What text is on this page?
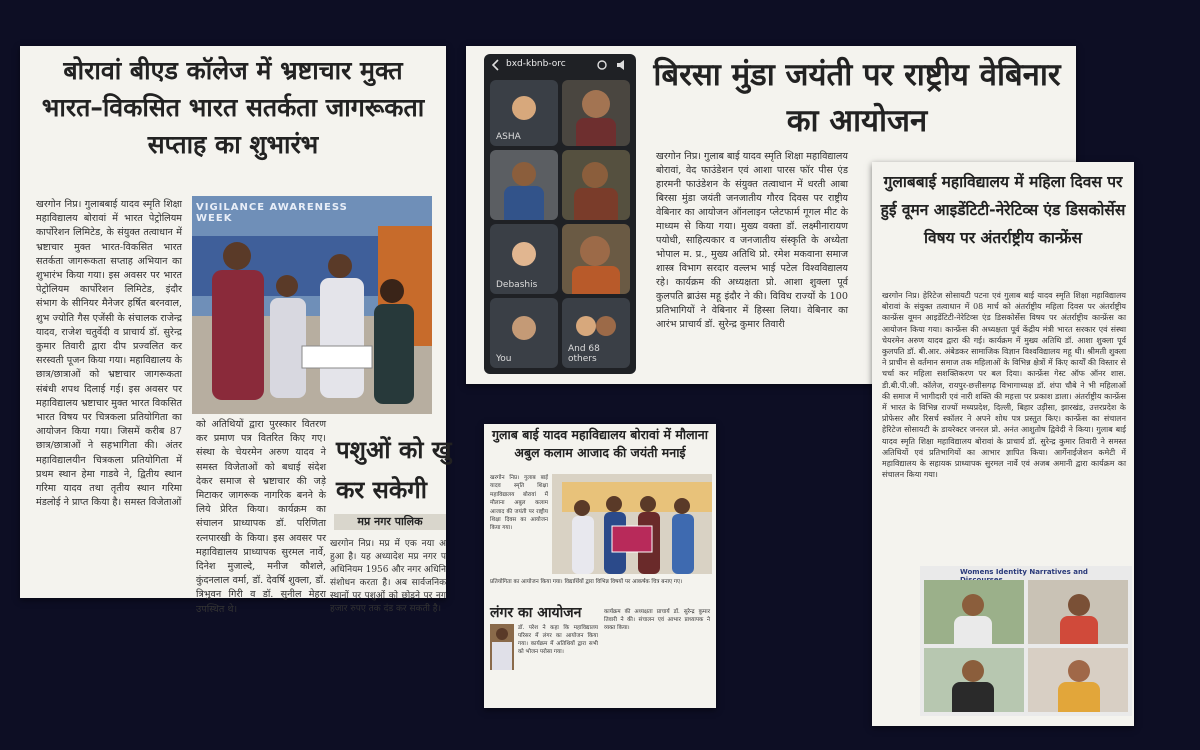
बोरावां बीएड कॉलेज में भ्रष्टाचार मुक्त भारत–विकसित भारत सतर्कता जागरूकता सप्ताह का शुभारंभ
खरगोन निप्र। गुलाबबाई यादव स्मृति शिक्षा महाविद्यालय बोरावां में भारत पेट्रोलियम कार्पोरेशन लिमिटेड, के संयुक्त तत्वाधान में भ्रष्टाचार मुक्त भारत-विकसित भारत सतर्कता जागरूकता सप्ताह अभियान का शुभारंभ किया गया। इस अवसर पर भारत पेट्रोलियम कार्पोरेशन लिमिटेड, इंदौर संभाग के सीनियर मैनेजर हर्षित बरनवाल, शुभ ज्योति गैस एजेंसी के संचालक राजेन्द्र यादव, राजेश चतुर्वेदी व प्राचार्य डॉ. सुरेन्द्र कुमार तिवारी द्वारा दीप प्रज्वलित कर सरस्वती पूजन किया गया। महाविद्यालय के छात्र/छात्राओं को भ्रष्टाचार जागरूकता संबंधी शपथ दिलाई गई। इस अवसर पर महाविद्यालय भ्रष्टाचार मुक्त भारत विकसित भारत विषय पर चित्रकला प्रतियोगिता का आयोजन किया गया। जिसमें करीब 87 छात्र/छात्राओं ने सहभागिता की। अंतर महाविद्यालयीन चित्रकला प्रतियोगिता में प्रथम स्थान हेमा गाडवे ने, द्वितीय स्थान गरिमा यादव तथा तृतीय स्थान गरिमा मंडलोई ने प्राप्त किया है। समस्त विजेताओं
VIGILANCE AWARENESS WEEK
को अतिथियों द्वारा पुरस्कार वितरण कर प्रमाण पत्र वितरित किए गए। संस्था के चेयरमेन अरुण यादव ने समस्त विजेताओं को बधाई संदेश देकर समाज से भ्रष्टाचार की जड़े मिटाकर जागरूक नागरिक बनने के लिये प्रेरित किया। कार्यक्रम का संचालन प्राध्यापक डॉ. परिणिता रत्नपारखी के किया। इस अवसर पर महाविद्यालय प्राध्यापक सुरमल नार्वे, दिनेश मुजाल्दे, मनीज कौशले, कुंदनलाल वर्मा, डॉ. देवर्षि शुक्ला, डॉ. त्रिभुवन गिरी व डॉ. सुनील मेहरा उपस्थित थे।
पशुओं को खु कर सकेगी
मप्र नगर पालिक
खरगोन निप्र। मप्र में एक नया अ हुआ है। यह अध्यादेश मप्र नगर प अधिनियम 1956 और नगर अधिनि संशोधन करता है। अब सार्वजनिक स्थानों पर पशुओं को छोड़ने पर नग हजार रुपए तक दंड कर सकती है।
bxd-kbnb-orc
ASHA
Debashis
You
And 68 others
बिरसा मुंडा जयंती पर राष्ट्रीय वेबिनार का आयोजन
खरगोन निप्र। गुलाब बाई यादव स्मृति शिक्षा महाविद्यालय बोरावां, वेद फाउंडेशन एवं आशा पारस फॉर पीस एंड हारमनी फाउंडेशन के संयुक्त तत्वाधान में धरती आबा बिरसा मुंडा जयंती जनजातीय गौरव दिवस पर राष्ट्रीय वेबिनार का आयोजन ऑनलाइन प्लेटफार्म गूगल मीट के माध्यम से किया गया। मुख्य वक्ता डॉ. लक्ष्मीनारायण पयोधी, साहित्यकार व जनजातीय संस्कृति के अध्येता भोपाल म. प्र., मुख्य अतिथि प्रो. रमेश मकवाना समाज शास्त्र विभाग सरदार वल्लभ भाई पटेल विश्वविद्यालय रहे। कार्यक्रम की अध्यक्षता प्रो. आशा शुक्ला पूर्व कुलपति ब्राउंस महू इंदौर ने की। विविध राज्यों के 100 प्रतिभागियों ने वेबिनार में हिस्सा लिया। वेबिनार का आरंभ प्राचार्य डॉ. सुरेन्द्र कुमार तिवारी
गुलाबबाई महाविद्यालय में महिला दिवस पर हुई वूमन आइडेंटिटी-नेरेटिव्स एंड डिसकोर्सेस विषय पर अंतर्राष्ट्रीय कान्फ्रेंस
खरगोन निप्र। हेरिटेज सोसायटी पटना एवं गुलाब बाई यादव स्मृति शिक्षा महाविद्यालय बोरावां के संयुक्त तत्वाधान में 08 मार्च को अंतर्राष्ट्रीय महिला दिवस पर अंतर्राष्ट्रीय कान्फ्रेंस वूमन आइडेंटिटी-नेरेटिव्स एंड डिसकोर्सेस विषय पर अंतर्राष्ट्रीय कान्फ्रेंस का आयोजन किया गया। कान्फ्रेंस की अध्यक्षता पूर्व केंद्रीय मंत्री भारत सरकार एवं संस्था चेयरमेन अरुण यादव द्वारा की गई। कार्यक्रम में मुख्य अतिथि डॉ. आशा शुक्ला पूर्व कुलपति डॉ. बी.आर. अंबेडकर सामाजिक विज्ञान विश्वविद्यालय महू थी। श्रीमती शुक्ला ने प्राचीन से वर्तमान समाज तक महिलाओं के विभिन्न क्षेत्रों में किए कार्यों की विस्तार से चर्चा कर महिला सशक्तिकरण पर बल दिया। कान्फ्रेंस गेस्ट ऑफ ऑनर शास. डी.बी.पी.जी. कॉलेज, रायपुर-छत्तीसगढ़ विभागाध्यक्ष डॉ. शंपा चौबे ने भी महिलाओं की समाज में भागीदारी एवं नारी शक्ति की महत्ता पर प्रकाश डाला। अंतर्राष्ट्रीय कान्फ्रेंस में भारत के विभिन्न राज्यों मध्यप्रदेश, दिल्ली, बिहार उड़ीसा, झारखंड, उत्तरप्रदेश के प्रोफेसर और रिसर्च स्कॉलर ने अपने शोध पत्र प्रस्तुत किए। कान्फ्रेंस का संचालन हेरिटेज सोसायटी के डायरेक्टर जनरल प्रो. अनंत आशुतोष द्विवेदी ने किया। गुलाब बाई यादव स्मृति शिक्षा महाविद्यालय बोरावां के प्राचार्य डॉ. सुरेन्द्र कुमार तिवारी ने समस्त अतिथियों एवं प्रतिभागियों का आभार ज्ञापित किया। आर्गेनाईजेशन कमेटी में महाविद्यालय के सहायक प्राध्यापक सुरमल नार्वे एवं अजब अमानी द्वारा कार्यक्रम का संचालन किया गया।
Womens Identity Narratives and
गुलाब बाई यादव महाविद्यालय बोरावां में मौलाना अबुल कलाम आजाद की जयंती मनाई
खरगोन निप्र। गुलाब बाई यादव स्मृति शिक्षा महाविद्यालय बोरावां में मौलाना अबुल कलाम आजाद की जयंती पर राष्ट्रीय शिक्षा दिवस का आयोजन किया गया।
प्रतियोगिता का आयोजन किया गया। विद्यार्थियों द्वारा विभिन्न विषयों पर आकर्षक चित्र बनाए गए।
लंगर का आयोजन
डॉ. परेश ने कहा कि महाविद्यालय परिसर में लंगर का आयोजन किया गया। कार्यक्रम में अतिथियों द्वारा सभी को भोजन परोसा गया।
कार्यक्रम की अध्यक्षता प्राचार्य डॉ. सुरेन्द्र कुमार तिवारी ने की। संचालन एवं आभार प्राध्यापक ने व्यक्त किया।
